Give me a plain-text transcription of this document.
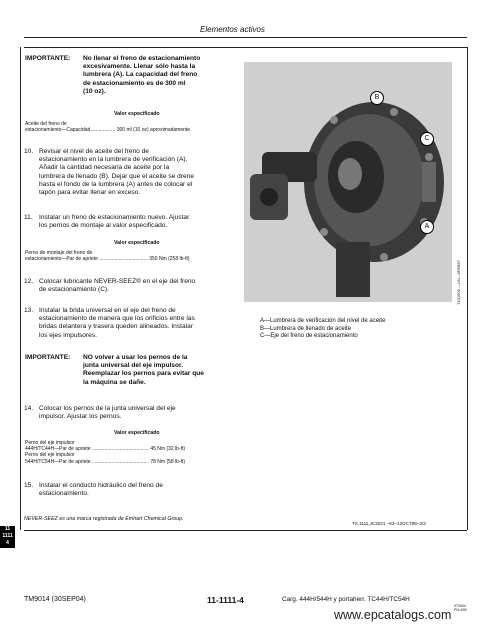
Elementos activos
IMPORTANTE: No llenar el freno de estacionamiento
excesivamente. Llenar sólo hasta la
lumbrera (A). La capacidad del freno
de estacionamiento es de 300 ml
(10 oz).
Valor especificado
Aceite del freno de
estacionamiento—Capacidad.................. 300 ml (10 oz) aproximadamente
10. Revisar el nivel de aceite del freno de
estacionamiento en la lumbrera de verificación (A).
Añadir la cantidad necesaria de aceite por la
lumbrera de llenado (B). Dejar que el aceite se drene
hasta el fondo de la lumbrera (A) antes de colocar el
tapón para evitar llenar en exceso.
11. Instalar un freno de estacionamiento nuevo. Ajustar
los pernos de montaje al valor especificado.
Valor especificado
Perno de montaje del freno de
estacionamiento—Par de apriete ................................... 350 Nm (258 lb-ft)
12. Colocar lubricante NEVER-SEEZ® en el eje del freno
de estacionamiento (C).
13. Instalar la brida universal en el eje del freno de
estacionamiento de manera que los orificios entre las
bridas delantera y trasera queden alineados. Instalar
los ejes impulsores.
IMPORTANTE: NO volver a usar los pernos de la
junta universal del eje impulsor.
Reemplazar los pernos para evitar que
la máquina se dañe.
14. Colocar los pernos de la junta universal del eje
impulsor. Ajustar los pernos.
Valor especificado
Perno del eje impulsor
444H/TC44H—Par de apriete ......................................... 45 Nm (32 lb-ft)
Perno del eje impulsor
544H/TC54H—Par de apriete ......................................... 78 Nm (58 lb-ft)
15. Instalar el conducto hidráulico del freno de
estacionamiento.
NEVER-SEEZ es una marca registrada de Emhart Chemical Group.
B
C
A
T101605 —UN—9FEB97
A—Lumbrera de verificación del nivel de aceite
B—Lumbrera de llenado de aceite
C—Eje del freno de estacionamiento
TX,1111,JC2021 –63–12OCT98–3/3
11
1111
4
TM9014 (30SEP04)	11-1111-4	Carg. 444H/544H y portaherr. TC44H/TC54H
073004
PN=000
www.epcatalogs.com
